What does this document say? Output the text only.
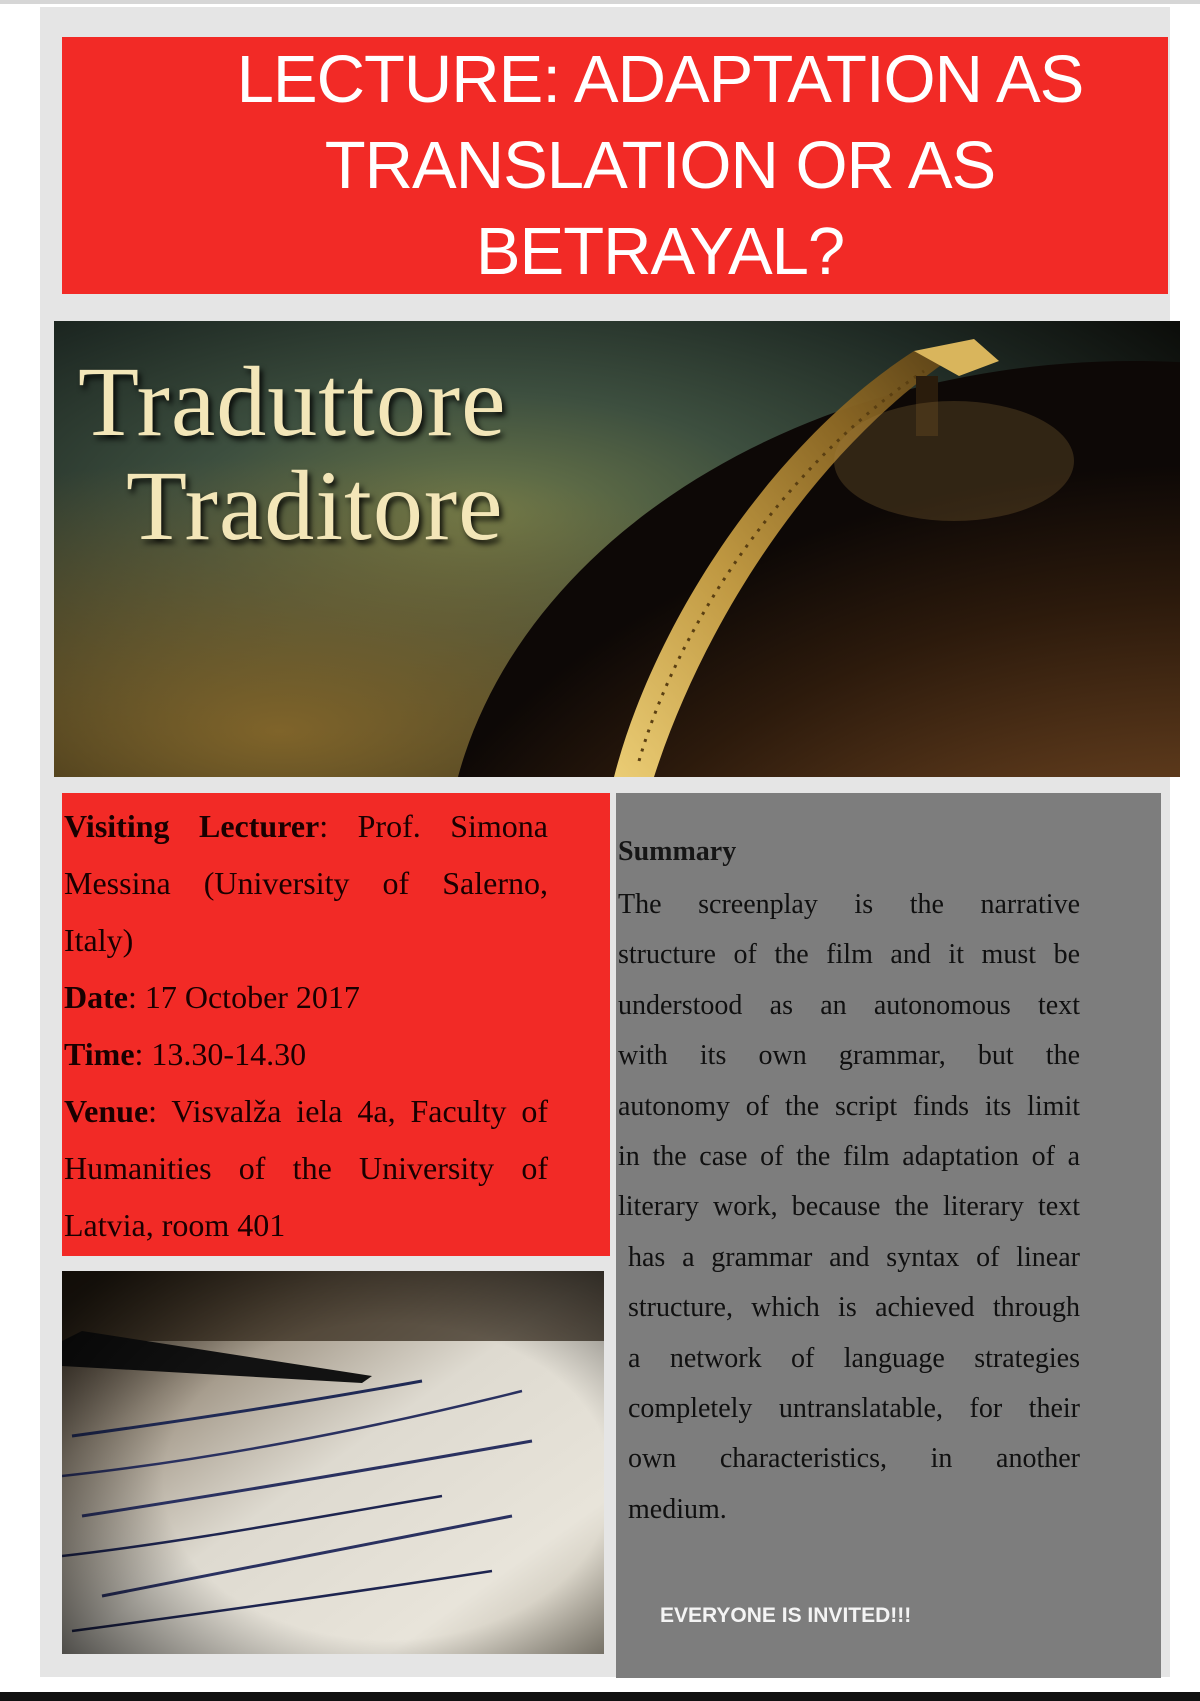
LECTURE: ADAPTATION AS TRANSLATION OR AS BETRAYAL?
Traduttore
Traditore

Visiting Lecturer: Prof. Simona Messina (University of Salerno, Italy)

Date: 17 October 2017

Time: 13.30-14.30

Venue: Visvalža iela 4a, Faculty of Humanities of the University of Latvia, room 401

Summary
The screenplay is the narrative
structure of the film and it must be
understood as an autonomous text
with its own grammar, but the
autonomy of the script finds its limit
in the case of the film adaptation of a
literary work, because the literary text
has a grammar and syntax of linear
structure, which is achieved through
a network of language strategies
completely untranslatable, for their
own characteristics, in another
medium.
EVERYONE IS INVITED!!!
